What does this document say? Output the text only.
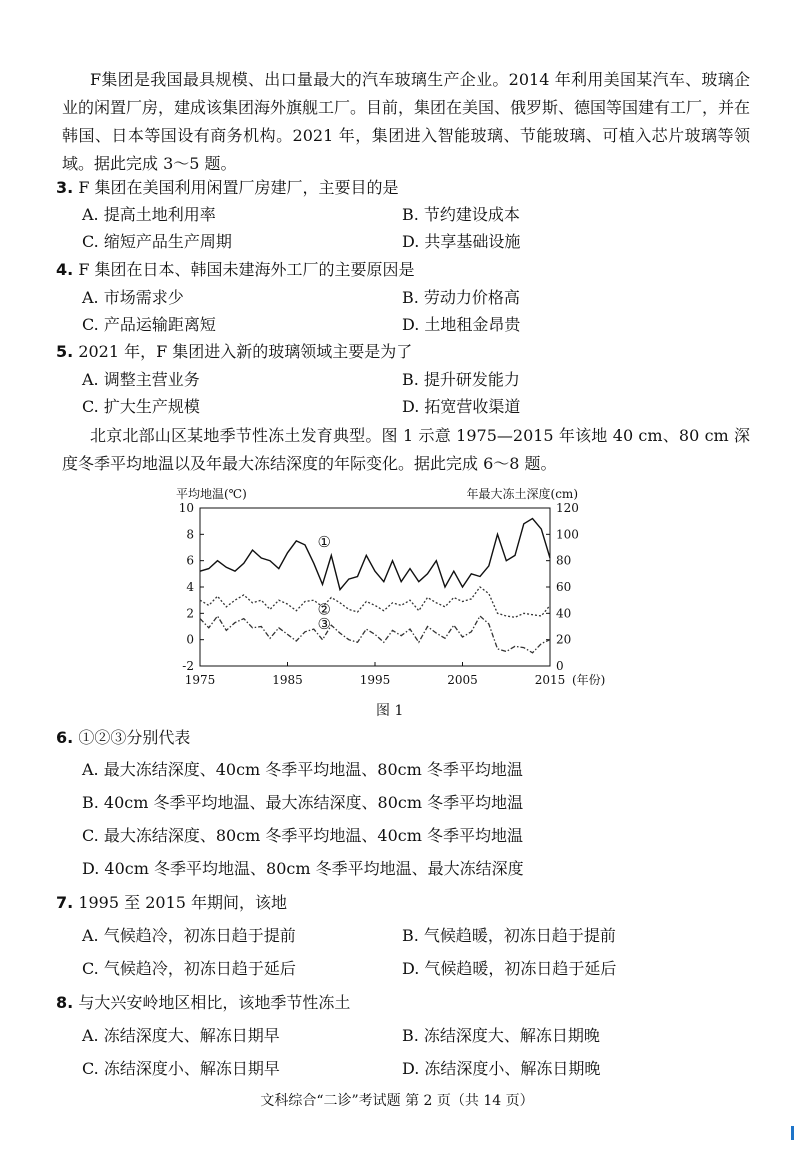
F集团是我国最具规模、出口量最大的汽车玻璃生产企业。2014 年利用美国某汽车、玻璃企业的闲置厂房，建成该集团海外旗舰工厂。目前，集团在美国、俄罗斯、德国等国建有工厂，并在韩国、日本等国设有商务机构。2021 年，集团进入智能玻璃、节能玻璃、可植入芯片玻璃等领域。据此完成 3～5 题。
3. F 集团在美国利用闲置厂房建厂，主要目的是
A. 提高土地利用率	B. 节约建设成本
C. 缩短产品生产周期	D. 共享基础设施
4. F 集团在日本、韩国未建海外工厂的主要原因是
A. 市场需求少	B. 劳动力价格高
C. 产品运输距离短	D. 土地租金昂贵
5. 2021 年，F 集团进入新的玻璃领域主要是为了
A. 调整主营业务	B. 提升研发能力
C. 扩大生产规模	D. 拓宽营收渠道
北京北部山区某地季节性冻土发育典型。图 1 示意 1975—2015 年该地 40 cm、80 cm 深度冬季平均地温以及年最大冻结深度的年际变化。据此完成 6～8 题。
-2
0
2
4
6
8
10
0
20
40
60
80
100
120
1975	1985	1995	2005	2015 (年份)
平均地温(℃)	年最大冻土深度(cm)
①
②
③
图 1
6. ①②③分别代表
A. 最大冻结深度、40cm 冬季平均地温、80cm 冬季平均地温
B. 40cm 冬季平均地温、最大冻结深度、80cm 冬季平均地温
C. 最大冻结深度、80cm 冬季平均地温、40cm 冬季平均地温
D. 40cm 冬季平均地温、80cm 冬季平均地温、最大冻结深度
7. 1995 至 2015 年期间，该地
A. 气候趋冷，初冻日趋于提前	B. 气候趋暖，初冻日趋于提前
C. 气候趋冷，初冻日趋于延后	D. 气候趋暖，初冻日趋于延后
8. 与大兴安岭地区相比，该地季节性冻土
A. 冻结深度大、解冻日期早	B. 冻结深度大、解冻日期晚
C. 冻结深度小、解冻日期早	D. 冻结深度小、解冻日期晚
文科综合“二诊”考试题 第 2 页（共 14 页）
